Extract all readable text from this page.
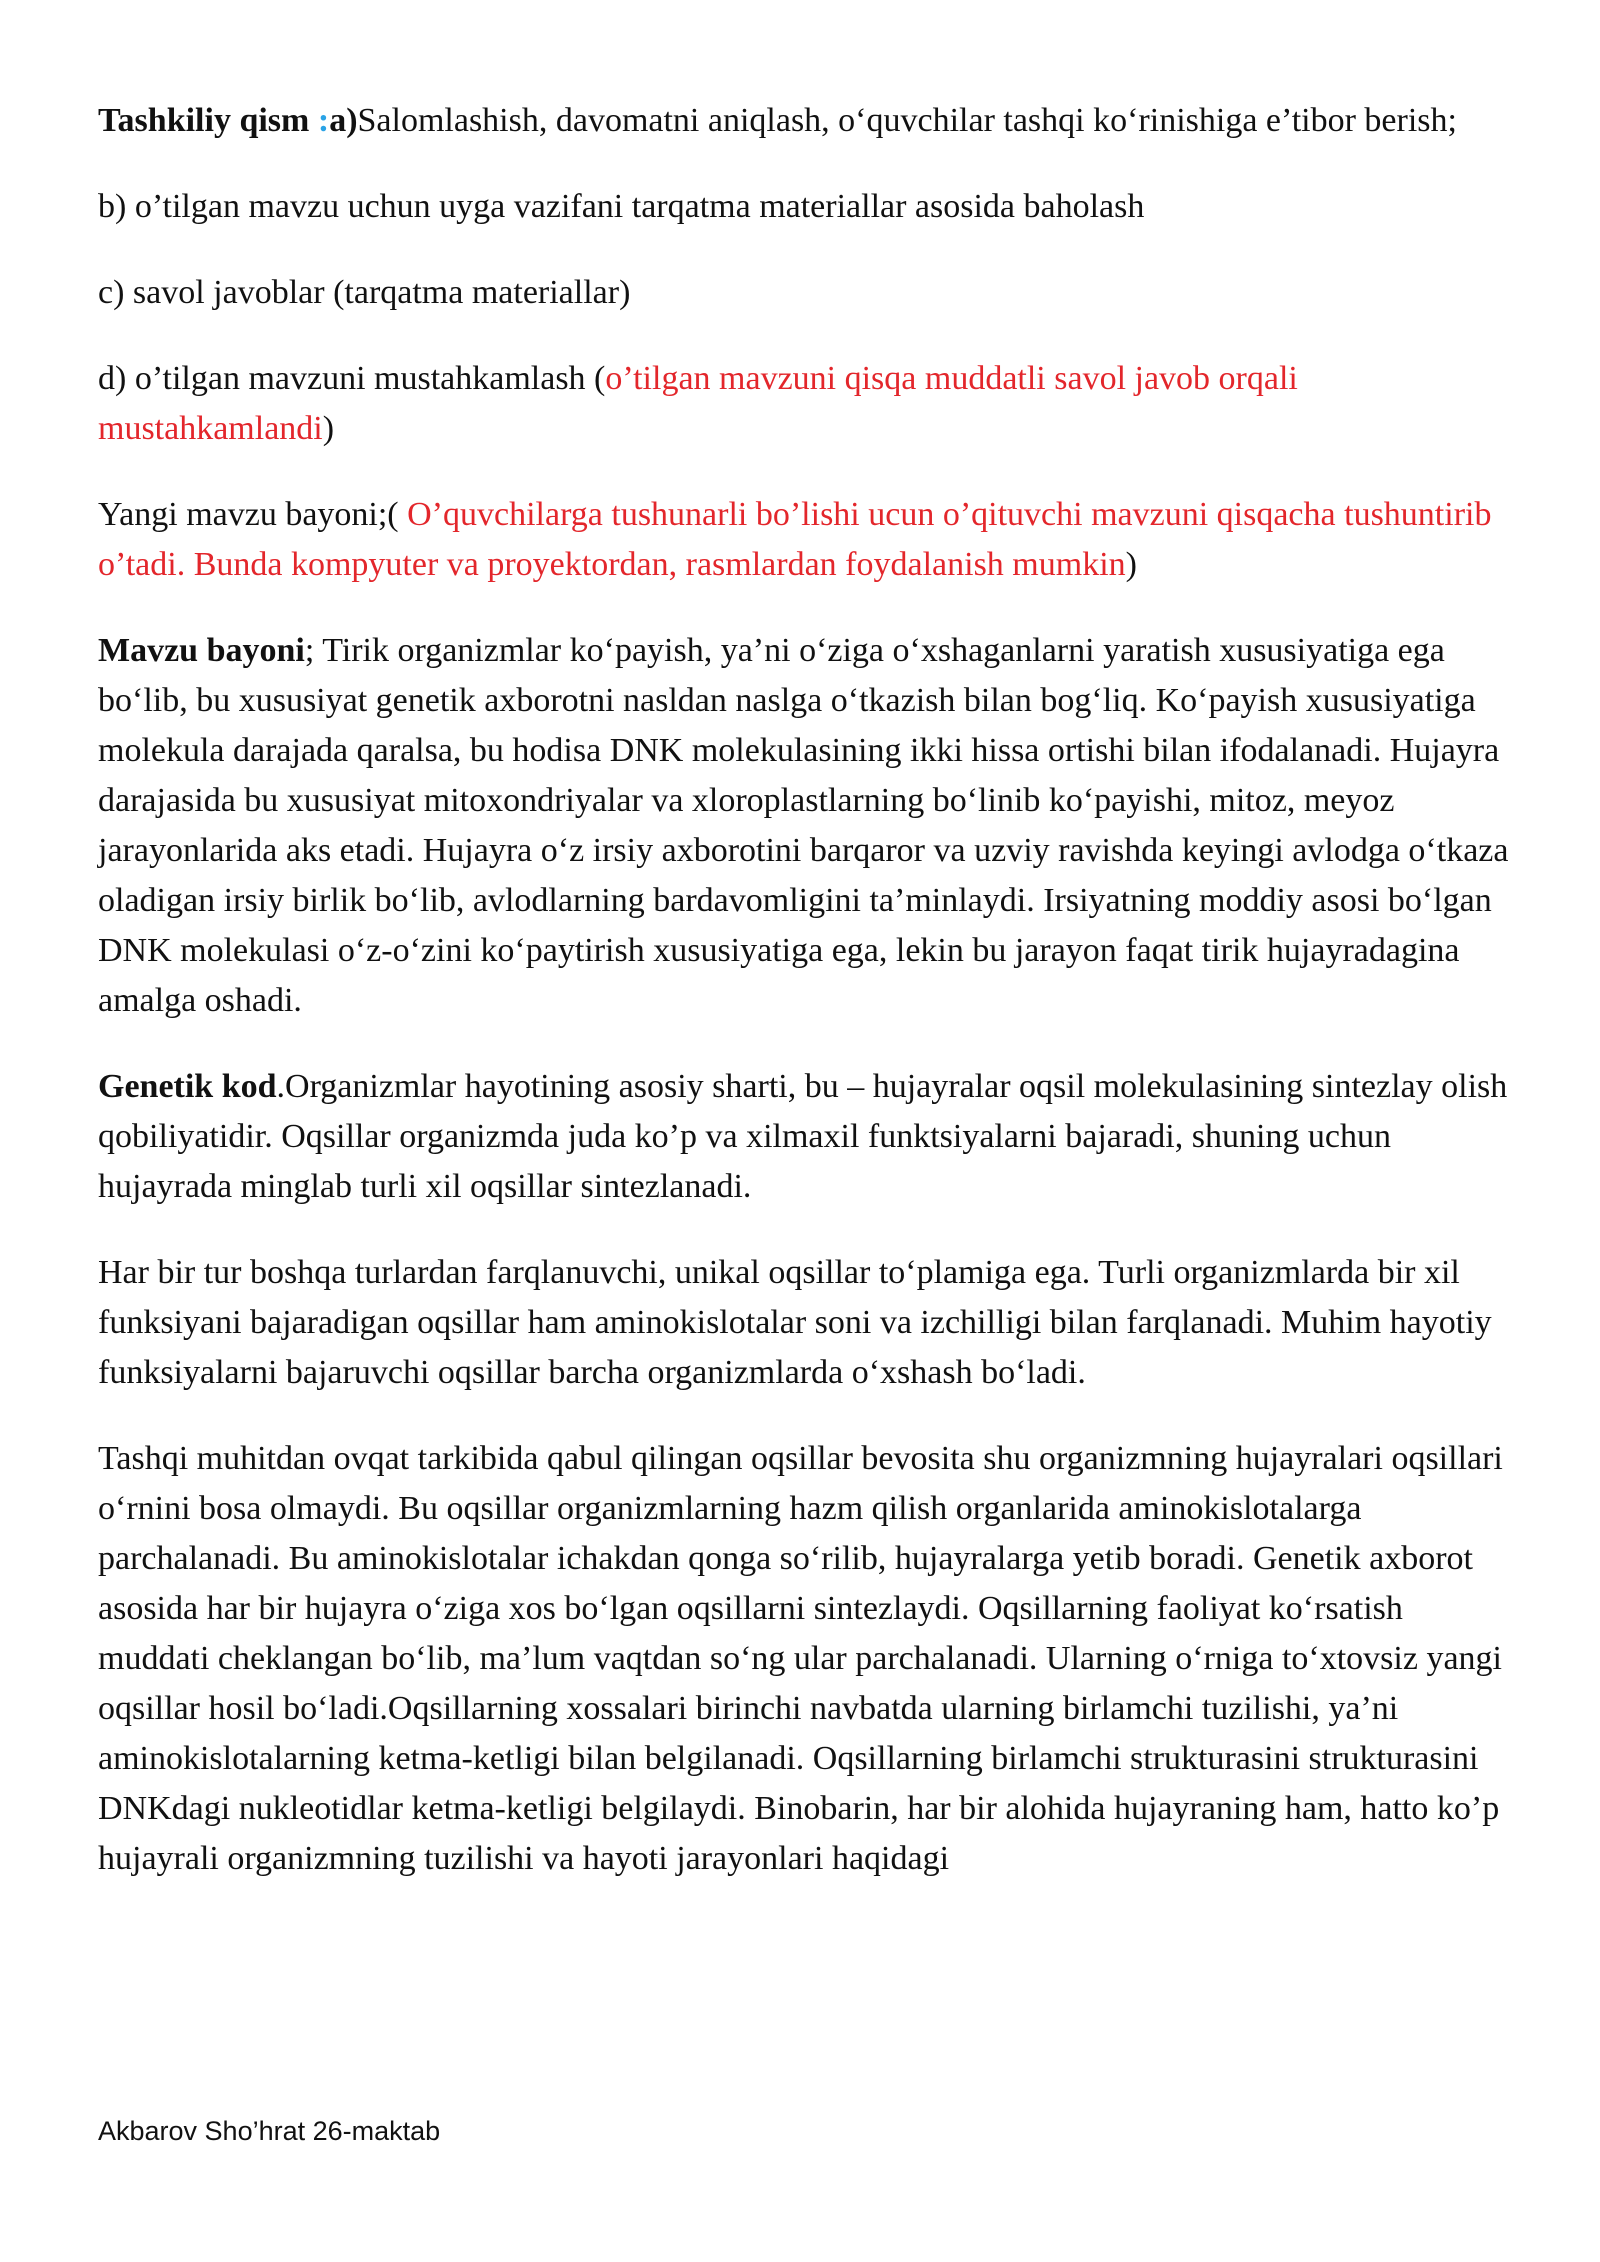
Tashkiliy qism :a)Salomlashish, davomatni aniqlash, o‘quvchilar tashqi ko‘rinishiga e’tibor berish;

b) o’tilgan mavzu uchun uyga vazifani tarqatma materiallar asosida baholash

c) savol javoblar (tarqatma materiallar)

d) o’tilgan mavzuni mustahkamlash (o’tilgan mavzuni qisqa muddatli savol javob orqali mustahkamlandi)

Yangi mavzu bayoni;( O’quvchilarga tushunarli bo’lishi ucun o’qituvchi mavzuni qisqacha tushuntirib o’tadi. Bunda kompyuter va proyektordan, rasmlardan foydalanish mumkin)

Mavzu bayoni; Tirik organizmlar ko‘payish, ya’ni o‘ziga o‘xshaganlarni yaratish xususiyatiga ega bo‘lib, bu xususiyat genetik axborotni nasldan naslga o‘tkazish bilan bog‘liq. Ko‘payish xususiyatiga molekula darajada qaralsa, bu hodisa DNK molekulasining ikki hissa ortishi bilan ifodalanadi. Hujayra darajasida bu xususiyat mitoxondriyalar va xloroplastlarning bo‘linib ko‘payishi, mitoz, meyoz jarayonlarida aks etadi. Hujayra o‘z irsiy axborotini barqaror va uzviy ravishda keyingi avlodga o‘tkaza oladigan irsiy birlik bo‘lib, avlodlarning bardavomligini ta’minlaydi. Irsiyatning moddiy asosi bo‘lgan DNK molekulasi o‘z-o‘zini ko‘paytirish xususiyatiga ega, lekin bu jarayon faqat tirik hujayradagina amalga oshadi.

Genetik kod.Organizmlar hayotining asosiy sharti, bu – hujayralar oqsil molekulasining sintezlay olish qobiliyatidir. Oqsillar organizmda juda ko’p va xilmaxil funktsiyalarni bajaradi, shuning uchun hujayrada minglab turli xil oqsillar sintezlanadi.

Har bir tur boshqa turlardan farqlanuvchi, unikal oqsillar to‘plamiga ega. Turli organizmlarda bir xil funksiyani bajaradigan oqsillar ham aminokislotalar soni va izchilligi bilan farqlanadi. Muhim hayotiy funksiyalarni bajaruvchi oqsillar barcha organizmlarda o‘xshash bo‘ladi.

Tashqi muhitdan ovqat tarkibida qabul qilingan oqsillar bevosita shu organizmning hujayralari oqsillari o‘rnini bosa olmaydi. Bu oqsillar organizmlarning hazm qilish organlarida aminokislotalarga parchalanadi. Bu aminokislotalar ichakdan qonga so‘rilib, hujayralarga yetib boradi. Genetik axborot asosida har bir hujayra o‘ziga xos bo‘lgan oqsillarni sintezlaydi. Oqsillarning faoliyat ko‘rsatish muddati cheklangan bo‘lib, ma’lum vaqtdan so‘ng ular parchalanadi. Ularning o‘rniga to‘xtovsiz yangi oqsillar hosil bo‘ladi.Oqsillarning xossalari birinchi navbatda ularning birlamchi tuzilishi, ya’ni aminokislotalarning ketma-ketligi bilan belgilanadi. Oqsillarning birlamchi strukturasini strukturasini DNKdagi nukleotidlar ketma-ketligi belgilaydi. Binobarin, har bir alohida hujayraning ham, hatto ko’p hujayrali organizmning tuzilishi va hayoti jarayonlari haqidagi

Akbarov Sho’hrat 26-maktab
